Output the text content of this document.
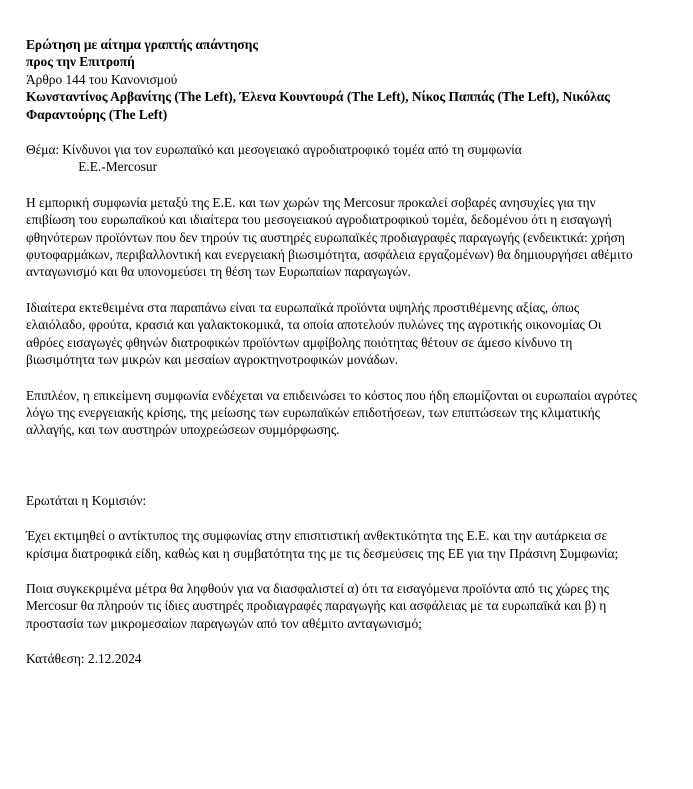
Ερώτηση με αίτημα γραπτής απάντησης

προς την Επιτροπή

Άρθρο 144 του Κανονισμού

Κωνσταντίνος Αρβανίτης (The Left), Έλενα Κουντουρά (The Left), Νίκος Παππάς (The Left), Νικόλας Φαραντούρης (The Left)

Θέμα: Κίνδυνοι για τον ευρωπαϊκό και μεσογειακό αγροδιατροφικό τομέα από τη συμφωνία
Ε.Ε.-Mercosur

Η εμπορική συμφωνία μεταξύ της Ε.Ε. και των χωρών της Mercosur προκαλεί σοβαρές ανησυχίες για την επιβίωση του ευρωπαϊκού και ιδιαίτερα του μεσογειακού αγροδιατροφικού τομέα, δεδομένου ότι η εισαγωγή φθηνότερων προϊόντων που δεν τηρούν τις αυστηρές ευρωπαϊκές προδιαγραφές παραγωγής (ενδεικτικά: χρήση φυτοφαρμάκων, περιβαλλοντική και ενεργειακή βιωσιμότητα, ασφάλεια εργαζομένων) θα δημιουργήσει αθέμιτο ανταγωνισμό και θα υπονομεύσει τη θέση των Ευρωπαίων παραγωγών.

Ιδιαίτερα εκτεθειμένα στα παραπάνω είναι τα ευρωπαϊκά προϊόντα υψηλής προστιθέμενης αξίας, όπως ελαιόλαδο, φρούτα, κρασιά και γαλακτοκομικά, τα οποία αποτελούν πυλώνες της αγροτικής οικονομίας Οι αθρόες εισαγωγές φθηνών διατροφικών προϊόντων αμφίβολης ποιότητας θέτουν σε άμεσο κίνδυνο τη βιωσιμότητα των μικρών και μεσαίων αγροκτηνοτροφικών μονάδων.

Επιπλέον, η επικείμενη συμφωνία ενδέχεται να επιδεινώσει το κόστος που ήδη επωμίζονται οι ευρωπαίοι αγρότες λόγω της ενεργειακής κρίσης, της μείωσης των ευρωπαϊκών επιδοτήσεων, των επιπτώσεων της κλιματικής αλλαγής, και των αυστηρών υποχρεώσεων συμμόρφωσης.

Ερωτάται η Κομισιόν:

Έχει εκτιμηθεί ο αντίκτυπος της συμφωνίας στην επισιτιστική ανθεκτικότητα της Ε.Ε. και την αυτάρκεια σε κρίσιμα διατροφικά είδη, καθώς και η συμβατότητα της με τις δεσμεύσεις της ΕΕ για την Πράσινη Συμφωνία;

Ποια συγκεκριμένα μέτρα θα ληφθούν για να διασφαλιστεί α) ότι τα εισαγόμενα προϊόντα από τις χώρες της Mercosur θα πληρούν τις ίδιες αυστηρές προδιαγραφές παραγωγής και ασφάλειας με τα ευρωπαϊκά και β) η προστασία των μικρομεσαίων παραγωγών από τον αθέμιτο ανταγωνισμό;

Κατάθεση: 2.12.2024
